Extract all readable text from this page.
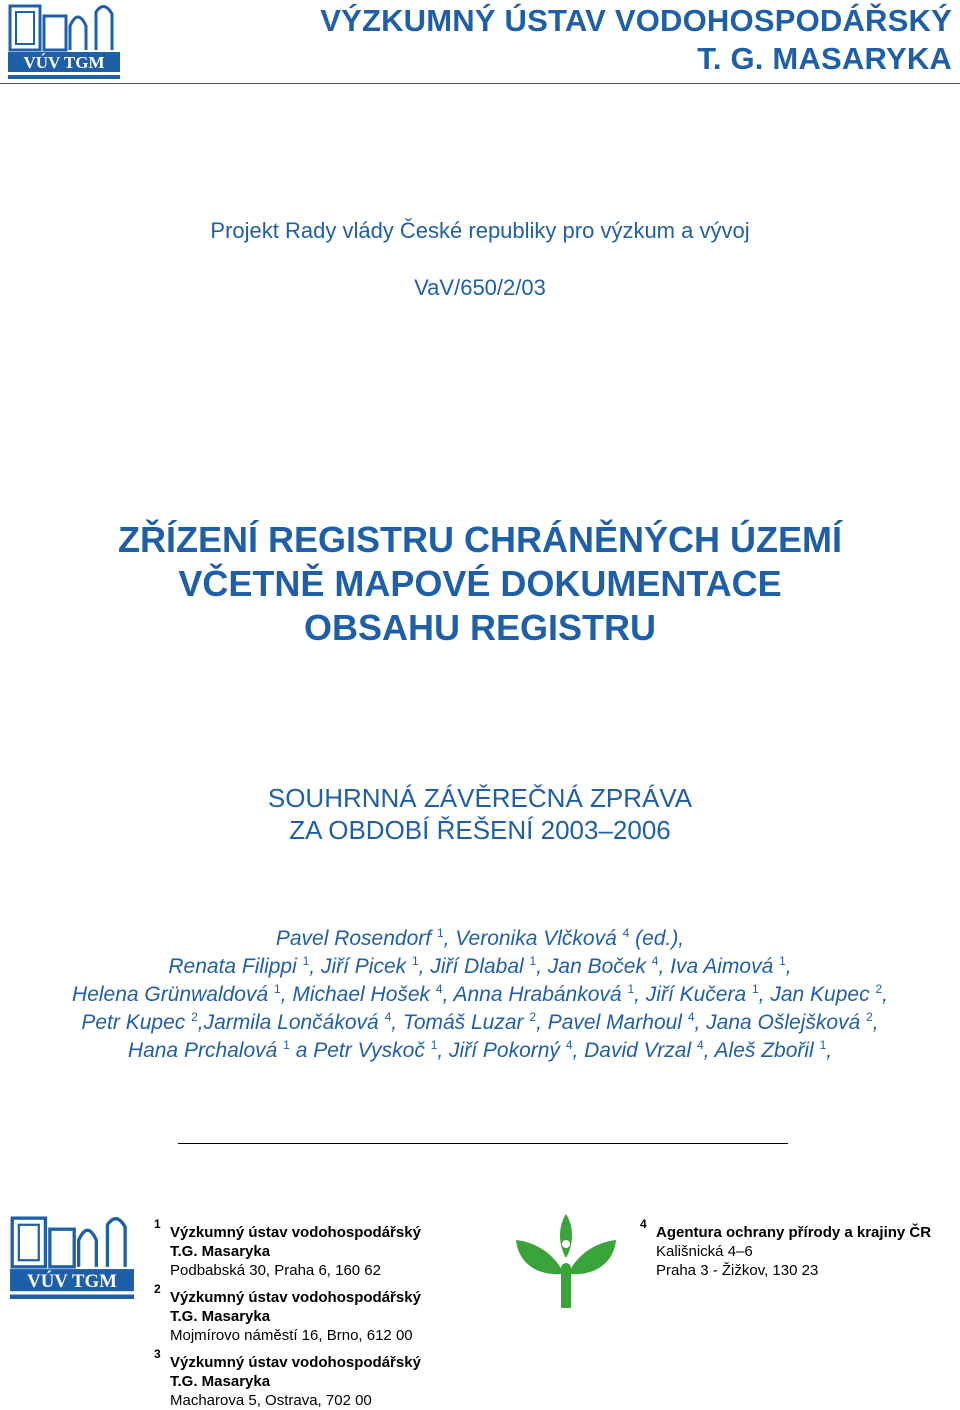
VÚV TGM
VÝZKUMNÝ ÚSTAV VODOHOSPODÁŘSKÝ
T. G. MASARYKA
Projekt Rady vlády České republiky pro výzkum a vývoj
VaV/650/2/03
ZŘÍZENÍ REGISTRU CHRÁNĚNÝCH ÚZEMÍ
VČETNĚ MAPOVÉ DOKUMENTACE
OBSAHU REGISTRU
SOUHRNNÁ ZÁVĚREČNÁ ZPRÁVA
ZA OBDOBÍ ŘEŠENÍ 2003–2006
Pavel Rosendorf $^1$, Veronika Vlčková $^4$ (ed.),
Renata Filippi $^1$, Jiří Picek $^1$, Jiří Dlabal $^1$, Jan Boček $^4$, Iva Aimová $^1$,
Helena Grünwaldová $^1$, Michael Hošek $^4$, Anna Hrabánková $^1$, Jiří Kučera $^1$, Jan Kupec $^2$,
Petr Kupec $^2$,Jarmila Lončáková $^4$, Tomáš Luzar $^2$, Pavel Marhoul $^4$, Jana Ošlejšková $^2$,
Hana Prchalová $^1$ a Petr Vyskoč $^1$, Jiří Pokorný $^4$, David Vrzal $^4$, Aleš Zbořil $^1$,
VÚV TGM
1 Výzkumný ústav vodohospodářský
T.G. Masaryka
Podbabská 30, Praha 6, 160 62
2 Výzkumný ústav vodohospodářský
T.G. Masaryka
Mojmírovo náměstí 16, Brno, 612 00
3 Výzkumný ústav vodohospodářský
T.G. Masaryka
Macharova 5, Ostrava, 702 00
4 Agentura ochrany přírody a krajiny ČR
Kališnická 4–6
Praha 3 - Žižkov, 130 23
